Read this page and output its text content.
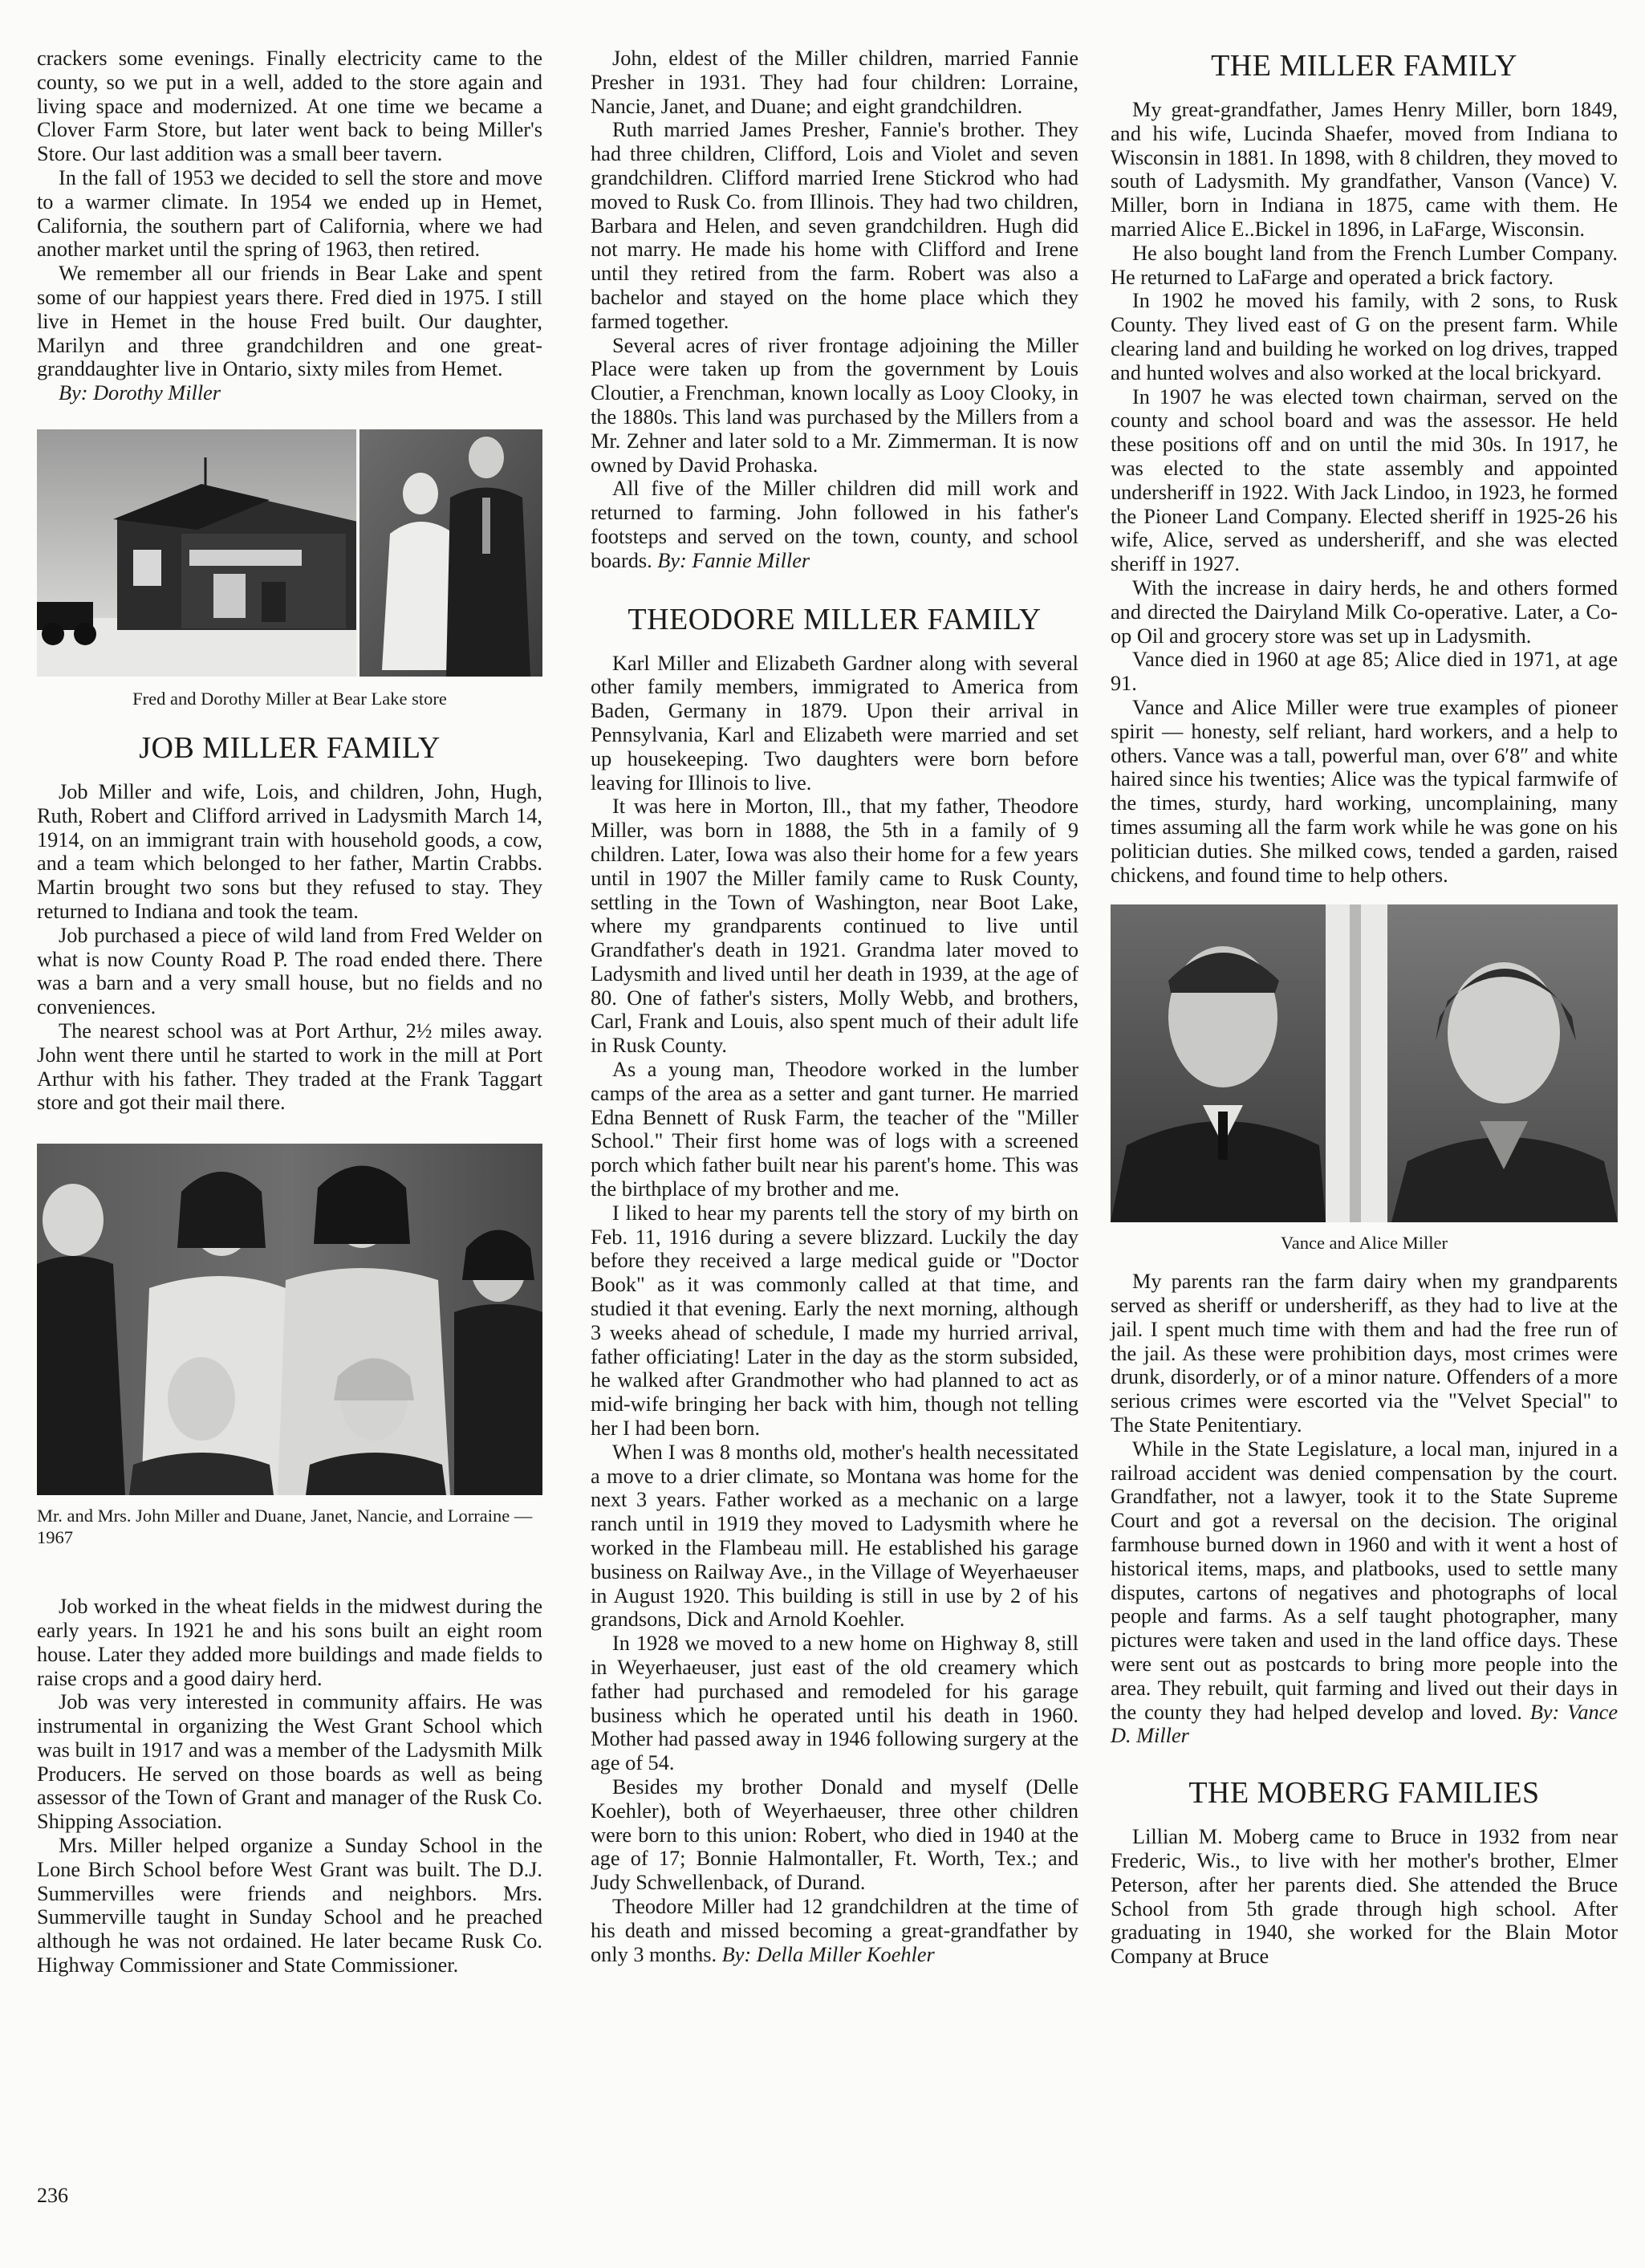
crackers some evenings. Finally electricity came to the county, so we put in a well, added to the store again and living space and modernized. At one time we became a Clover Farm Store, but later went back to being Miller's Store. Our last addition was a small beer tavern.

In the fall of 1953 we decided to sell the store and move to a warmer climate. In 1954 we ended up in Hemet, California, the southern part of California, where we had another market until the spring of 1963, then retired.

We remember all our friends in Bear Lake and spent some of our happiest years there. Fred died in 1975. I still live in Hemet in the house Fred built. Our daughter, Marilyn and three grandchildren and one great-granddaughter live in Ontario, sixty miles from Hemet.
By: Dorothy Miller

Fred and Dorothy Miller at Bear Lake store
JOB MILLER FAMILY

Job Miller and wife, Lois, and children, John, Hugh, Ruth, Robert and Clifford arrived in Ladysmith March 14, 1914, on an immigrant train with household goods, a cow, and a team which belonged to her father, Martin Crabbs. Martin brought two sons but they refused to stay. They returned to Indiana and took the team.

Job purchased a piece of wild land from Fred Welder on what is now County Road P. The road ended there. There was a barn and a very small house, but no fields and no conveniences.

The nearest school was at Port Arthur, 2½ miles away. John went there until he started to work in the mill at Port Arthur with his father. They traded at the Frank Taggart store and got their mail there.

Mr. and Mrs. John Miller and Duane, Janet, Nancie, and Lorraine — 1967

Job worked in the wheat fields in the midwest during the early years. In 1921 he and his sons built an eight room house. Later they added more buildings and made fields to raise crops and a good dairy herd.

Job was very interested in community affairs. He was instrumental in organizing the West Grant School which was built in 1917 and was a member of the Ladysmith Milk Producers. He served on those boards as well as being assessor of the Town of Grant and manager of the Rusk Co. Shipping Association.

Mrs. Miller helped organize a Sunday School in the Lone Birch School before West Grant was built. The D.J. Summervilles were friends and neighbors. Mrs. Summerville taught in Sunday School and he preached although he was not ordained. He later became Rusk Co. Highway Commissioner and State Commissioner.

John, eldest of the Miller children, married Fannie Presher in 1931. They had four children: Lorraine, Nancie, Janet, and Duane; and eight grandchildren.

Ruth married James Presher, Fannie's brother. They had three children, Clifford, Lois and Violet and seven grandchildren. Clifford married Irene Stickrod who had moved to Rusk Co. from Illinois. They had two children, Barbara and Helen, and seven grandchildren. Hugh did not marry. He made his home with Clifford and Irene until they retired from the farm. Robert was also a bachelor and stayed on the home place which they farmed together.

Several acres of river frontage adjoining the Miller Place were taken up from the government by Louis Cloutier, a Frenchman, known locally as Looy Clooky, in the 1880s. This land was purchased by the Millers from a Mr. Zehner and later sold to a Mr. Zimmerman. It is now owned by David Prohaska.

All five of the Miller children did mill work and returned to farming. John followed in his father's footsteps and served on the town, county, and school boards. By: Fannie Miller

THEODORE MILLER FAMILY

Karl Miller and Elizabeth Gardner along with several other family members, immigrated to America from Baden, Germany in 1879. Upon their arrival in Pennsylvania, Karl and Elizabeth were married and set up housekeeping. Two daughters were born before leaving for Illinois to live.

It was here in Morton, Ill., that my father, Theodore Miller, was born in 1888, the 5th in a family of 9 children. Later, Iowa was also their home for a few years until in 1907 the Miller family came to Rusk County, settling in the Town of Washington, near Boot Lake, where my grandparents continued to live until Grandfather's death in 1921. Grandma later moved to Ladysmith and lived until her death in 1939, at the age of 80. One of father's sisters, Molly Webb, and brothers, Carl, Frank and Louis, also spent much of their adult life in Rusk County.

As a young man, Theodore worked in the lumber camps of the area as a setter and gant turner. He married Edna Bennett of Rusk Farm, the teacher of the "Miller School." Their first home was of logs with a screened porch which father built near his parent's home. This was the birthplace of my brother and me.

I liked to hear my parents tell the story of my birth on Feb. 11, 1916 during a severe blizzard. Luckily the day before they received a large medical guide or "Doctor Book" as it was commonly called at that time, and studied it that evening. Early the next morning, although 3 weeks ahead of schedule, I made my hurried arrival, father officiating! Later in the day as the storm subsided, he walked after Grandmother who had planned to act as mid-wife bringing her back with him, though not telling her I had been born.

When I was 8 months old, mother's health necessitated a move to a drier climate, so Montana was home for the next 3 years. Father worked as a mechanic on a large ranch until in 1919 they moved to Ladysmith where he worked in the Flambeau mill. He established his garage business on Railway Ave., in the Village of Weyerhaeuser in August 1920. This building is still in use by 2 of his grandsons, Dick and Arnold Koehler.

In 1928 we moved to a new home on Highway 8, still in Weyerhaeuser, just east of the old creamery which father had purchased and remodeled for his garage business which he operated until his death in 1960. Mother had passed away in 1946 following surgery at the age of 54.

Besides my brother Donald and myself (Delle Koehler), both of Weyerhaeuser, three other children were born to this union: Robert, who died in 1940 at the age of 17; Bonnie Halmontaller, Ft. Worth, Tex.; and Judy Schwellenback, of Durand.

Theodore Miller had 12 grandchildren at the time of his death and missed becoming a great-grandfather by only 3 months. By: Della Miller Koehler

THE MILLER FAMILY

My great-grandfather, James Henry Miller, born 1849, and his wife, Lucinda Shaefer, moved from Indiana to Wisconsin in 1881. In 1898, with 8 children, they moved to south of Ladysmith. My grandfather, Vanson (Vance) V. Miller, born in Indiana in 1875, came with them. He married Alice E..Bickel in 1896, in LaFarge, Wisconsin.

He also bought land from the French Lumber Company. He returned to LaFarge and operated a brick factory.

In 1902 he moved his family, with 2 sons, to Rusk County. They lived east of G on the present farm. While clearing land and building he worked on log drives, trapped and hunted wolves and also worked at the local brickyard.

In 1907 he was elected town chairman, served on the county and school board and was the assessor. He held these positions off and on until the mid 30s. In 1917, he was elected to the state assembly and appointed undersheriff in 1922. With Jack Lindoo, in 1923, he formed the Pioneer Land Company. Elected sheriff in 1925-26 his wife, Alice, served as undersheriff, and she was elected sheriff in 1927.

With the increase in dairy herds, he and others formed and directed the Dairyland Milk Co-operative. Later, a Co-op Oil and grocery store was set up in Ladysmith.

Vance died in 1960 at age 85; Alice died in 1971, at age 91.

Vance and Alice Miller were true examples of pioneer spirit — honesty, self reliant, hard workers, and a help to others. Vance was a tall, powerful man, over 6′8″ and white haired since his twenties; Alice was the typical farmwife of the times, sturdy, hard working, uncomplaining, many times assuming all the farm work while he was gone on his politician duties. She milked cows, tended a garden, raised chickens, and found time to help others.

Vance and Alice Miller

My parents ran the farm dairy when my grandparents served as sheriff or undersheriff, as they had to live at the jail. I spent much time with them and had the free run of the jail. As these were prohibition days, most crimes were drunk, disorderly, or of a minor nature. Offenders of a more serious crimes were escorted via the "Velvet Special" to The State Penitentiary.

While in the State Legislature, a local man, injured in a railroad accident was denied compensation by the court. Grandfather, not a lawyer, took it to the State Supreme Court and got a reversal on the decision. The original farmhouse burned down in 1960 and with it went a host of historical items, maps, and platbooks, used to settle many disputes, cartons of negatives and photographs of local people and farms. As a self taught photographer, many pictures were taken and used in the land office days. These were sent out as postcards to bring more people into the area. They rebuilt, quit farming and lived out their days in the county they had helped develop and loved. By: Vance D. Miller

THE MOBERG FAMILIES

Lillian M. Moberg came to Bruce in 1932 from near Frederic, Wis., to live with her mother's brother, Elmer Peterson, after her parents died. She attended the Bruce School from 5th grade through high school. After graduating in 1940, she worked for the Blain Motor Company at Bruce

236
